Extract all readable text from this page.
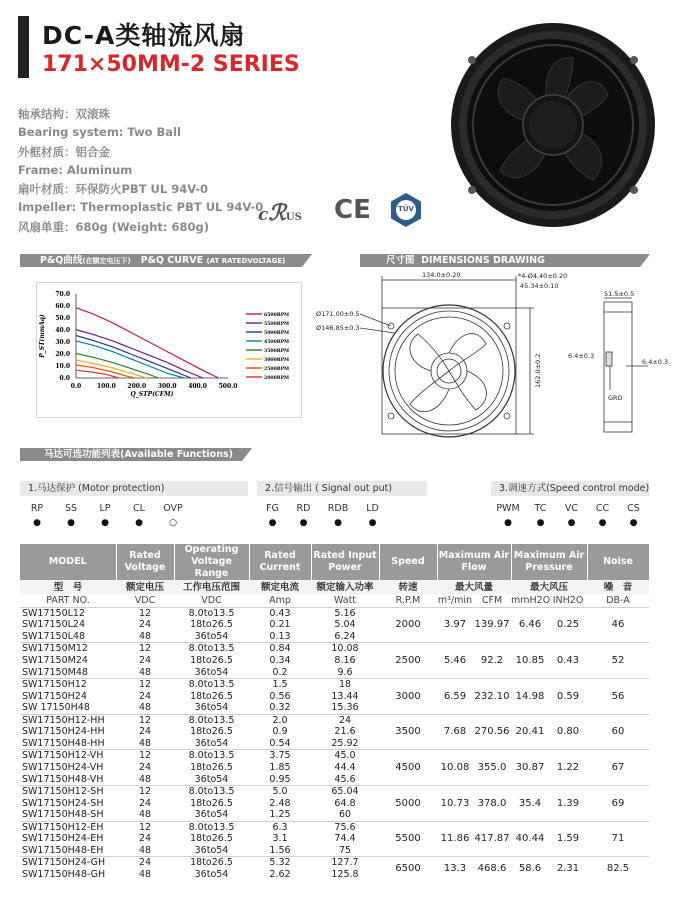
DC-A类轴流风扇
171×50MM-2 SERIES
轴承结构：双滚珠
Bearing system: Two Ball
外框材质：铝合金
Frame: Aluminum
扇叶材质：环保防火PBT UL 94V-0
Impeller: Thermoplastic PBT UL 94V-0
风扇单重：680g (Weight: 680g)
cℛUS CE	TÜV
P&Q曲线(在额定电压下) P&Q CURVE (AT RATEDVOLTAGE)	尺寸图 DIMENSIONS DRAWING
0.0	100.0 200.0 300.0 400.0 500.0
0.0
10.0
20.0
30.0
40.0
50.0
60.0
70.0
Q_STP(CFM)
P_ST(mmAq)	6500RPM
5500RPM
5000RPM
4500RPM
3500RPM
3000RPM
2500RPM
2000RPM
134.0±0.20	*4-Ø4.40±0.20
45.34±0.10
Ø171.00±0.5
Ø146.85±0.3
162.0±0.2
51.5±0.5
6.4±0.3
6.4±0.3
GRD
马达可选功能列表(Available Functions)
1.马达保护 (Motor protection)	2.信号输出 ( Signal out put)	3.调速方式(Speed control mode)
RP	SS	LP	CL	OVP
●	●	●	●	○
FG	RD	RDB	LD
●	●	●	●
PWM	TC	VC	CC	CS
●	●	●	●	●
MODEL	Rated Voltage	Operating Voltage Range	Rated Current	Rated Input Power	Speed	Maximum Air Flow		Maximum Air Pressure		Noise
型　号	额定电压	工作电压范围	额定电流	额定输入功率	转速	最大风量		最大风压		噪　音
PART NO.	VDC	VDC	Amp	Watt	R.P.M	m³/min	CFM	mmH2O	INH2O	DB-A
SW17150L12	12	8.0to13.5	0.43	5.16	2000	3.97	139.97	6.46	0.25	46
SW17150L24	24	18to26.5	0.21	5.04						
SW17150L48	48	36to54	0.13	6.24						
SW17150M12	12	8.0to13.5	0.84	10.08	2500	5.46	92.2	10.85	0.43	52
SW17150M24	24	18to26.5	0.34	8.16						
SW17150M48	48	36to54	0.2	9.6						
SW17150H12	12	8.0to13.5	1.5	18	3000	6.59	232.10	14.98	0.59	56
SW17150H24	24	18to26.5	0.56	13.44						
SW 17150H48	48	36to54	0.32	15.36						
SW17150H12-HH	12	8.0to13.5	2.0	24	3500	7.68	270.56	20.41	0.80	60
SW17150H24-HH	24	18to26.5	0.9	21.6						
SW17150H48-HH	48	36to54	0.54	25.92						
SW17150H12-VH	12	8.0to13.5	3.75	45.0	4500	10.08	355.0	30.87	1.22	67
SW17150H24-VH	24	18to26.5	1.85	44.4						
SW17150H48-VH	48	36to54	0.95	45.6						
SW17150H12-SH	12	8.0to13.5	5.0	65.04	5000	10.73	378.0	35.4	1.39	69
SW17150H24-SH	24	18to26.5	2.48	64.8						
SW17150H48-SH	48	36to54	1.25	60						
SW17150H12-EH	12	8.0to13.5	6.3	75.6	5500	11.86	417.87	40.44	1.59	71
SW17150H24-EH	24	18to26.5	3.1	74.4						
SW17150H48-EH	48	36to54	1.56	75						
SW17150H24-GH	24	18to26.5	5.32	127.7	6500	13.3	468.6	58.6	2.31	82.5
SW17150H48-GH	48	36to54	2.62	125.8						
